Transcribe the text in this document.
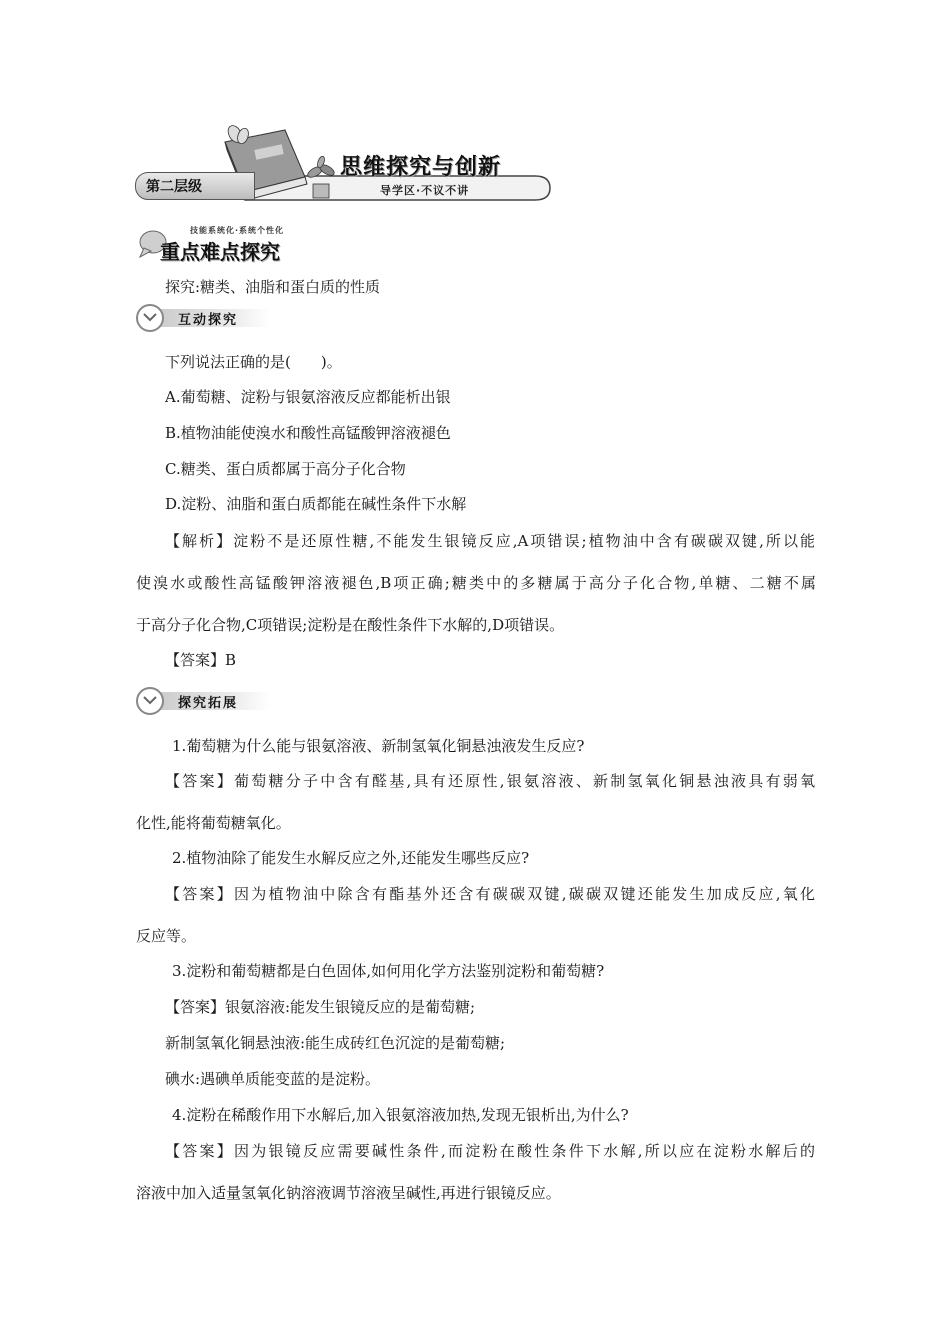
第二层级
思维探究与创新
导学区·不议不讲
技能系统化·系统个性化
重点难点探究
探究:糖类、油脂和蛋白质的性质
互动探究
下列说法正确的是(　　)。
A.葡萄糖、淀粉与银氨溶液反应都能析出银
B.植物油能使溴水和酸性高锰酸钾溶液褪色
C.糖类、蛋白质都属于高分子化合物
D.淀粉、油脂和蛋白质都能在碱性条件下水解
【解析】淀粉不是还原性糖,不能发生银镜反应,A项错误;植物油中含有碳碳双键,所以能
使溴水或酸性高锰酸钾溶液褪色,B项正确;糖类中的多糖属于高分子化合物,单糖、二糖不属
于高分子化合物,C项错误;淀粉是在酸性条件下水解的,D项错误。
【答案】B
探究拓展
1.葡萄糖为什么能与银氨溶液、新制氢氧化铜悬浊液发生反应?
【答案】葡萄糖分子中含有醛基,具有还原性,银氨溶液、新制氢氧化铜悬浊液具有弱氧
化性,能将葡萄糖氧化。
2.植物油除了能发生水解反应之外,还能发生哪些反应?
【答案】因为植物油中除含有酯基外还含有碳碳双键,碳碳双键还能发生加成反应,氧化
反应等。
3.淀粉和葡萄糖都是白色固体,如何用化学方法鉴别淀粉和葡萄糖?
【答案】银氨溶液:能发生银镜反应的是葡萄糖;
新制氢氧化铜悬浊液:能生成砖红色沉淀的是葡萄糖;
碘水:遇碘单质能变蓝的是淀粉。
4.淀粉在稀酸作用下水解后,加入银氨溶液加热,发现无银析出,为什么?
【答案】因为银镜反应需要碱性条件,而淀粉在酸性条件下水解,所以应在淀粉水解后的
溶液中加入适量氢氧化钠溶液调节溶液呈碱性,再进行银镜反应。
